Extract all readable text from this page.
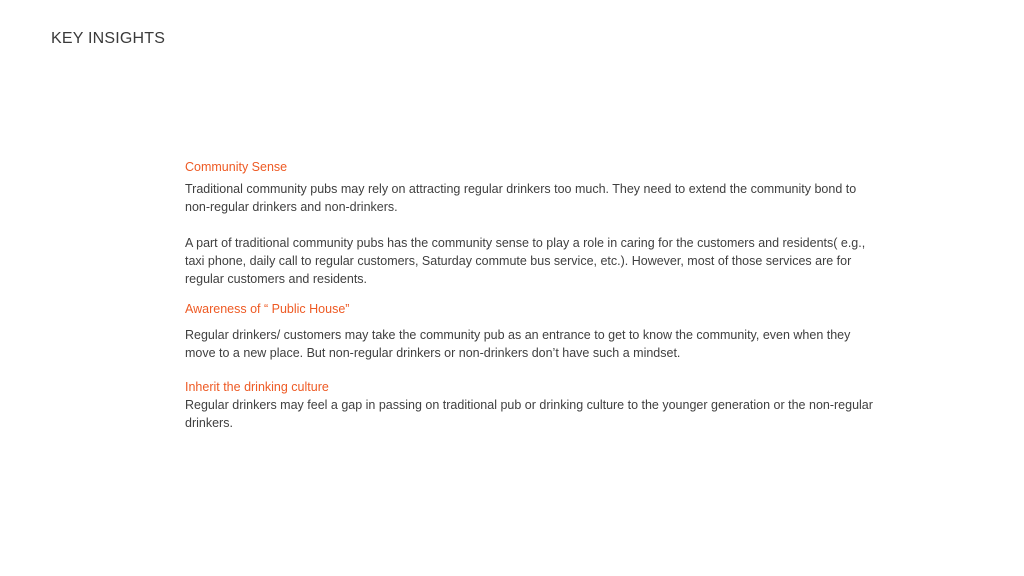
KEY INSIGHTS

Community Sense

Traditional community pubs may rely on attracting regular drinkers too much. They need to extend the community bond to non-regular drinkers and non-drinkers.

A part of traditional community pubs has the community sense to play a role in caring for the customers and residents( e.g., taxi phone, daily call to regular customers, Saturday commute bus service, etc.). However, most of those services are for regular customers and residents.

Awareness of “ Public House”

Regular drinkers/ customers may take the community pub as an entrance to get to know the community, even when they move to a new place. But non-regular drinkers or non-drinkers don’t have such a mindset.

Inherit the drinking culture

Regular drinkers may feel a gap in passing on traditional pub or drinking culture to the younger generation or the non-regular drinkers.
